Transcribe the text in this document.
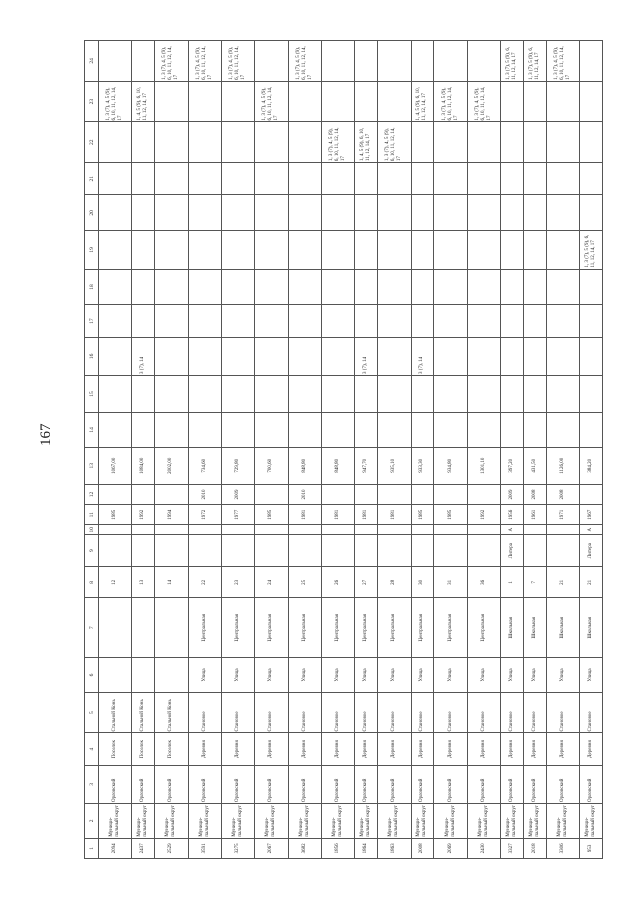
167
1	2	3	4	5	6	7	8	9	10	11	12	13	14	15	16	17	18	19	20	21	22	23	24
2094	Муници-пальный округ	Орловский	Поселок	Стальной Конь			12			1985		1067,00										1, 3 (7), 4, 5 (9), 6, 10, 11, 12, 14, 17	
2437	Муници-пальный округ	Орловский	Поселок	Стальной Конь			13			1992		1084,00			3 (7), 14							1, 4, 5 (9), 6, 10, 11, 12, 14, 17	
2529	Муници-пальный округ	Орловский	Поселок	Стальной Конь			14			1994		2002,00											1, 3 (7), 4, 5 (9), 6, 10, 11, 12, 14, 17
3591	Муници-пальный округ	Орловский	Деревня	Становое	Улица	Центральная	22			1972	2010	734,60											1, 3 (7), 4, 5 (9), 6, 10, 11, 12, 14, 17
3275	Муници-пальный округ	Орловский	Деревня	Становое	Улица	Центральная	23			1977	2009	729,80											1, 3 (7), 4, 5 (9), 6, 10, 11, 12, 14, 17
2067	Муници-пальный округ	Орловский	Деревня	Становое	Улица	Центральная	24			1985		700,60										1, 3 (7), 4, 5 (9), 6, 10, 11, 12, 14, 17	
3682	Муници-пальный округ	Орловский	Деревня	Становое	Улица	Центральная	25			1981	2010	848,80											1, 3 (7), 4, 5 (9), 6, 10, 11, 12, 14, 17
1856	Муници-пальный округ	Орловский	Деревня	Становое	Улица	Центральная	26			1981		848,80									1, 3 (7), 4, 5 (9), 6, 10, 11, 12, 14, 17		
1864	Муници-пальный округ	Орловский	Деревня	Становое	Улица	Центральная	27			1981		947,70			3 (7), 14						1, 4, 5 (9), 6, 10, 11, 12, 14, 17		
1863	Муници-пальный округ	Орловский	Деревня	Становое	Улица	Центральная	28			1981		935,10									1, 3 (7), 4, 5 (9), 6, 10, 11, 12, 14, 17		
2008	Муници-пальный округ	Орловский	Деревня	Становое	Улица	Центральная	30			1985		933,30			3 (7), 14							1, 4, 5 (9), 6, 10, 11, 12, 14, 17	
2069	Муници-пальный округ	Орловский	Деревня	Становое	Улица	Центральная	31			1985		934,80										1, 3 (7), 4, 5 (9), 6, 10, 11, 12, 14, 17	
2430	Муници-пальный округ	Орловский	Деревня	Становое	Улица	Центральная	36			1992		1301,10										1, 3 (7), 4, 5 (9), 6, 10, 11, 12, 14, 17	
3327	Муници-пальный округ	Орловский	Деревня	Становое	Улица	Школьная	1	Литера	А	1956	2009	397,20											1, 3 (7), 5 (9), 6, 11, 12, 14, 17
2018	Муници-пальный округ	Орловский	Деревня	Становое	Улица	Школьная	7			1961	2008	431,50											1, 3 (7), 5 (9), 6, 11, 12, 14, 17
3306	Муници-пальный округ	Орловский	Деревня	Становое	Улица	Школьная	21			1971	2008	1126,00											1, 3 (7), 4, 5 (9), 6, 10, 11, 12, 14, 17
953	Муници-пальный округ	Орловский	Деревня	Становое	Улица	Школьная	21	Литера	А	1967		384,20						1, 3 (7), 5 (9), 6, 11, 12, 14, 17					
